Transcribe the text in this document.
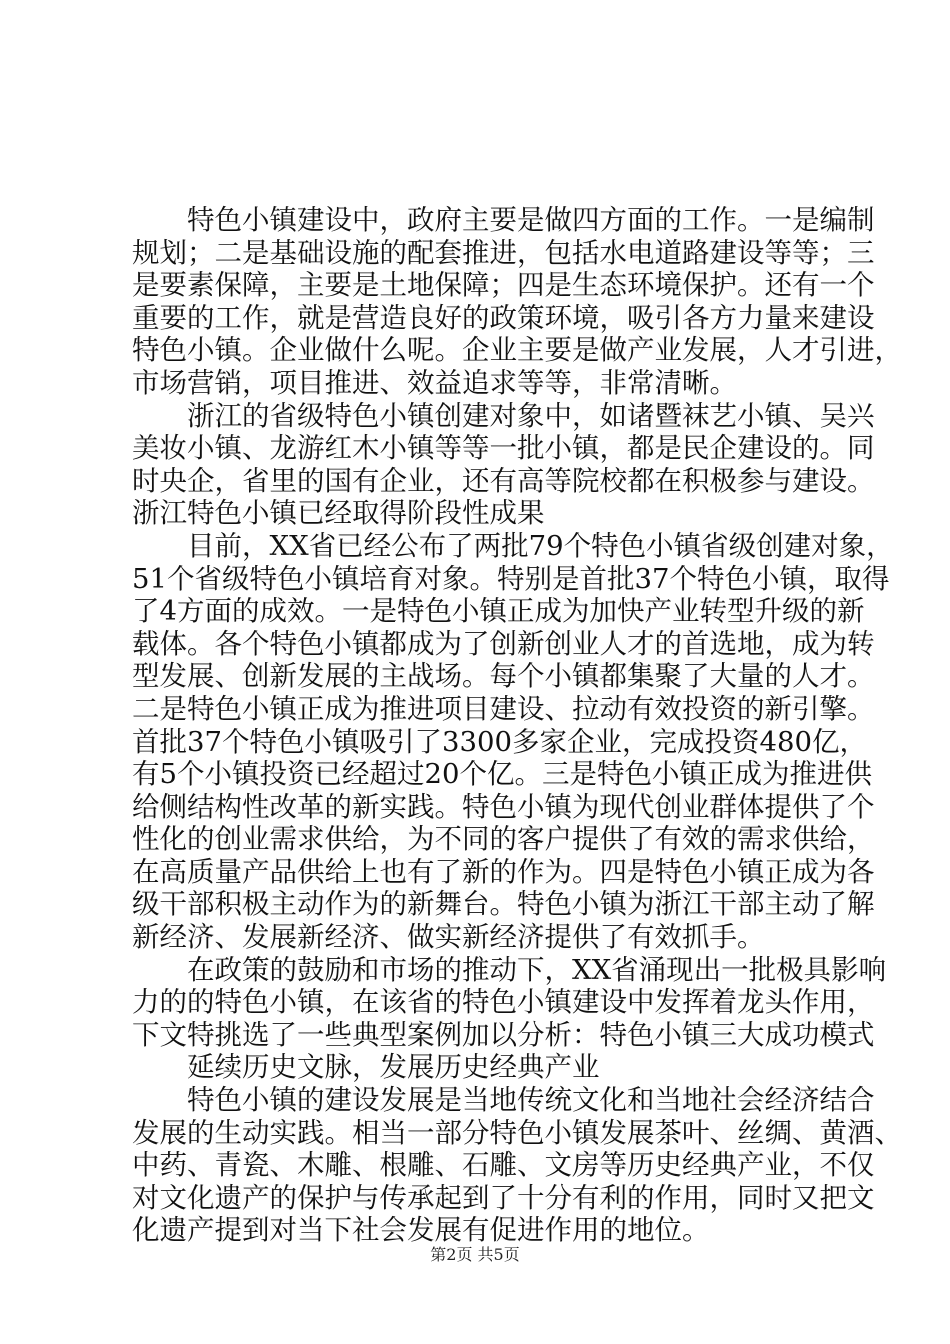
特色小镇建设中，政府主要是做四方面的工作。一是编制
规划；二是基础设施的配套推进，包括水电道路建设等等；三
是要素保障，主要是土地保障；四是生态环境保护。还有一个
重要的工作，就是营造良好的政策环境，吸引各方力量来建设
特色小镇。企业做什么呢。企业主要是做产业发展，人才引进，
市场营销，项目推进、效益追求等等，非常清晰。
浙江的省级特色小镇创建对象中，如诸暨袜艺小镇、吴兴
美妆小镇、龙游红木小镇等等一批小镇，都是民企建设的。同
时央企，省里的国有企业，还有高等院校都在积极参与建设。
浙江特色小镇已经取得阶段性成果
目前，XX省已经公布了两批79个特色小镇省级创建对象，
51个省级特色小镇培育对象。特别是首批37个特色小镇，取得
了4方面的成效。一是特色小镇正成为加快产业转型升级的新
载体。各个特色小镇都成为了创新创业人才的首选地，成为转
型发展、创新发展的主战场。每个小镇都集聚了大量的人才。
二是特色小镇正成为推进项目建设、拉动有效投资的新引擎。
首批37个特色小镇吸引了3300多家企业，完成投资480亿，
有5个小镇投资已经超过20个亿。三是特色小镇正成为推进供
给侧结构性改革的新实践。特色小镇为现代创业群体提供了个
性化的创业需求供给，为不同的客户提供了有效的需求供给，
在高质量产品供给上也有了新的作为。四是特色小镇正成为各
级干部积极主动作为的新舞台。特色小镇为浙江干部主动了解
新经济、发展新经济、做实新经济提供了有效抓手。
在政策的鼓励和市场的推动下，XX省涌现出一批极具影响
力的的特色小镇，在该省的特色小镇建设中发挥着龙头作用，
下文特挑选了一些典型案例加以分析：特色小镇三大成功模式
延续历史文脉，发展历史经典产业
特色小镇的建设发展是当地传统文化和当地社会经济结合
发展的生动实践。相当一部分特色小镇发展茶叶、丝绸、黄酒、
中药、青瓷、木雕、根雕、石雕、文房等历史经典产业，不仅
对文化遗产的保护与传承起到了十分有利的作用，同时又把文
化遗产提到对当下社会发展有促进作用的地位。
第2页 共5页
